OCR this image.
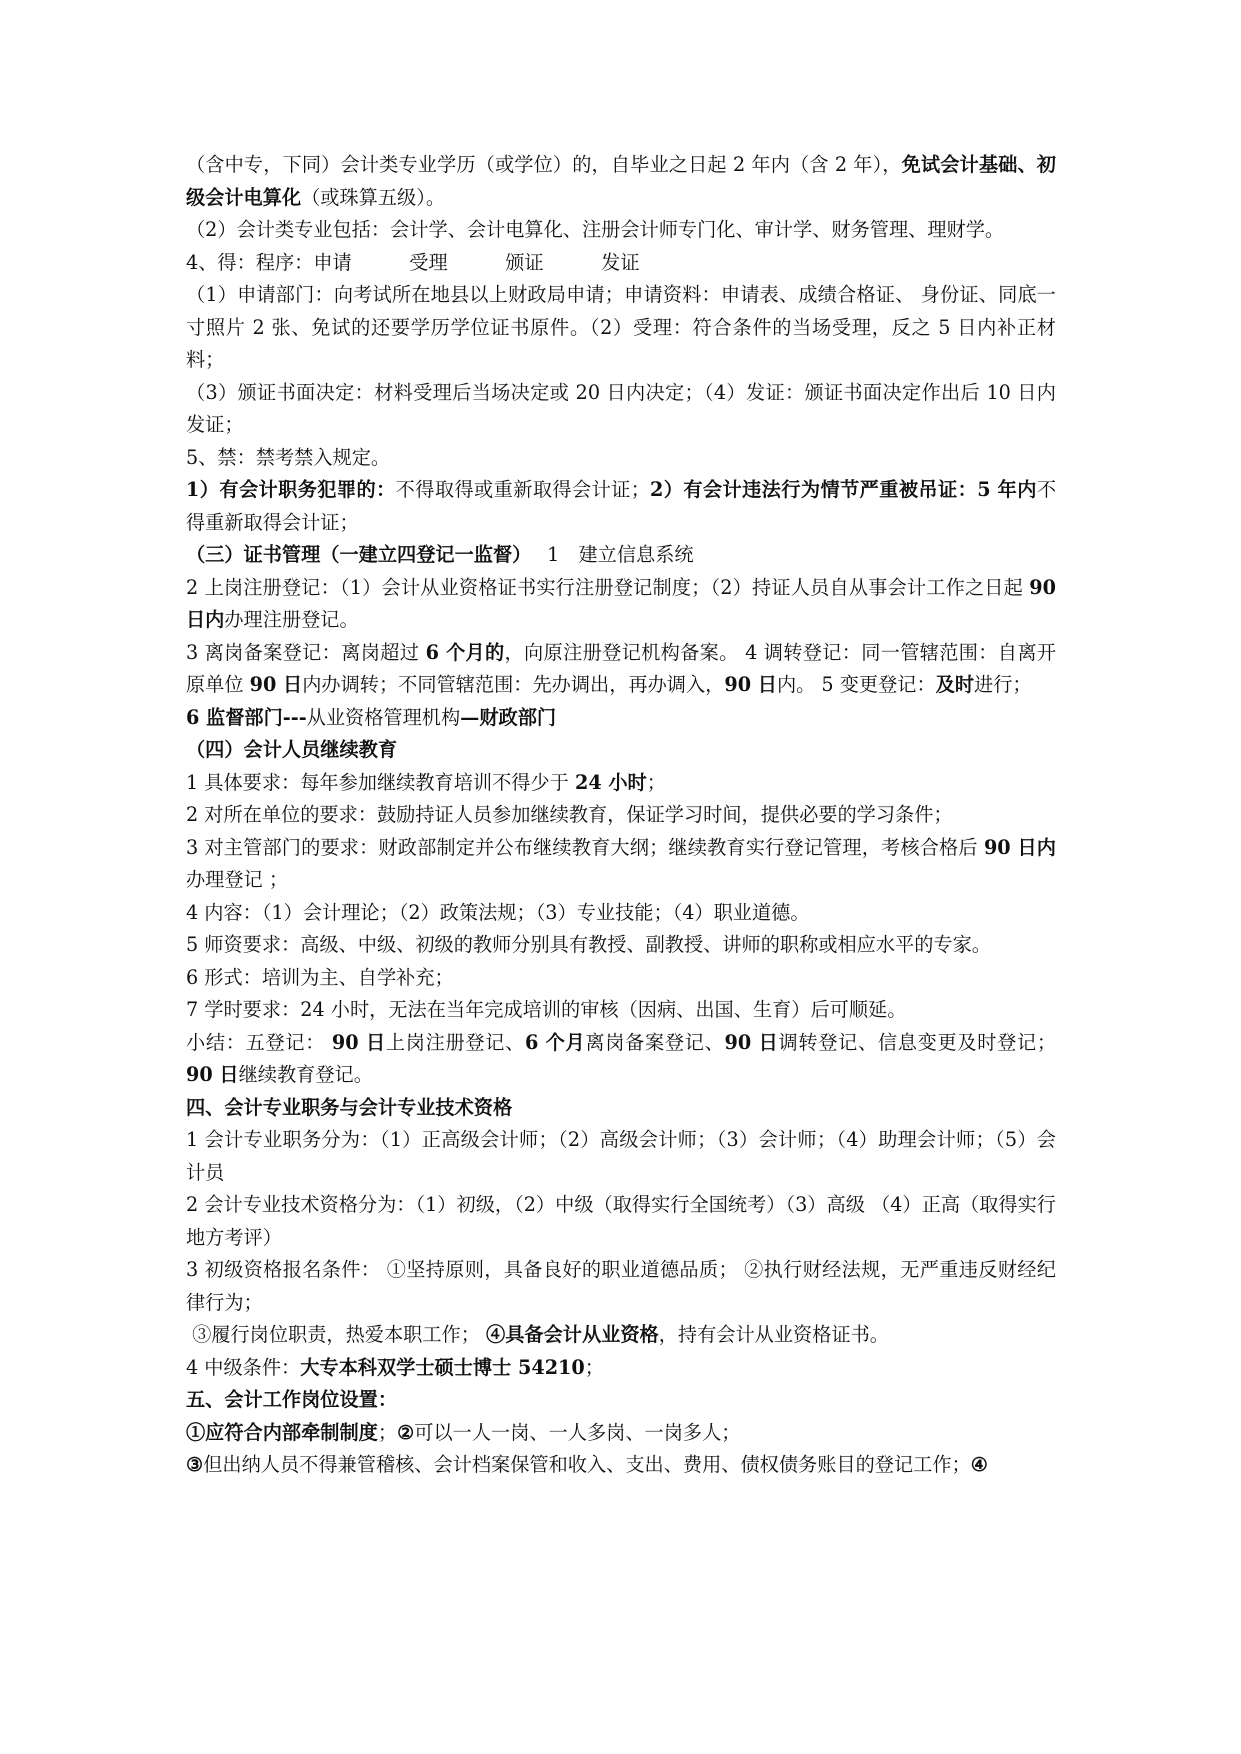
（含中专，下同）会计类专业学历（或学位）的，自毕业之日起 2 年内（含 2 年），免试会计基础、初级会计电算化（或珠算五级）。
（2）会计类专业包括：会计学、会计电算化、注册会计师专门化、审计学、财务管理、理财学。
4、得：程序：申请　　　受理　　　颁证　　　发证
（1）申请部门：向考试所在地县以上财政局申请；申请资料：申请表、成绩合格证、 身份证、同底一寸照片 2 张、免试的还要学历学位证书原件。（2）受理：符合条件的当场受理，反之 5 日内补正材料；
（3）颁证书面决定：材料受理后当场决定或 20 日内决定；（4）发证：颁证书面决定作出后 10 日内发证；
5、禁：禁考禁入规定。
1）有会计职务犯罪的：不得取得或重新取得会计证；2）有会计违法行为情节严重被吊证：5 年内不得重新取得会计证；
（三）证书管理（一建立四登记一监督）　 1　建立信息系统
2 上岗注册登记：（1）会计从业资格证书实行注册登记制度；（2）持证人员自从事会计工作之日起 90 日内办理注册登记。
3 离岗备案登记：离岗超过 6 个月的，向原注册登记机构备案。 4 调转登记：同一管辖范围：自离开原单位 90 日内办调转；不同管辖范围：先办调出，再办调入，90 日内。 5 变更登记：及时进行；
6 监督部门---从业资格管理机构—财政部门
（四）会计人员继续教育
1 具体要求：每年参加继续教育培训不得少于 24 小时；
2 对所在单位的要求：鼓励持证人员参加继续教育，保证学习时间，提供必要的学习条件；
3 对主管部门的要求：财政部制定并公布继续教育大纲；继续教育实行登记管理，考核合格后 90 日内办理登记 ；
4 内容：（1）会计理论；（2）政策法规；（3）专业技能；（4）职业道德。
5 师资要求：高级、中级、初级的教师分别具有教授、副教授、讲师的职称或相应水平的专家。
6 形式：培训为主、自学补充；
7 学时要求：24 小时，无法在当年完成培训的审核（因病、出国、生育）后可顺延。
小结：五登记： 90 日上岗注册登记、6 个月离岗备案登记、90 日调转登记、信息变更及时登记； 90 日继续教育登记。
四、会计专业职务与会计专业技术资格
1 会计专业职务分为：（1）正高级会计师；（2）高级会计师；（3）会计师；（4）助理会计师；（5）会计员
2 会计专业技术资格分为：（1）初级，（2）中级（取得实行全国统考）（3）高级 （4）正高（取得实行地方考评）
3 初级资格报名条件： ①坚持原则，具备良好的职业道德品质； ②执行财经法规，无严重违反财经纪律行为；
③履行岗位职责，热爱本职工作； ④具备会计从业资格，持有会计从业资格证书。
4 中级条件：大专本科双学士硕士博士 54210；
五、会计工作岗位设置：
①应符合内部牵制制度；②可以一人一岗、一人多岗、一岗多人；
③但出纳人员不得兼管稽核、会计档案保管和收入、支出、费用、债权债务账目的登记工作；④
